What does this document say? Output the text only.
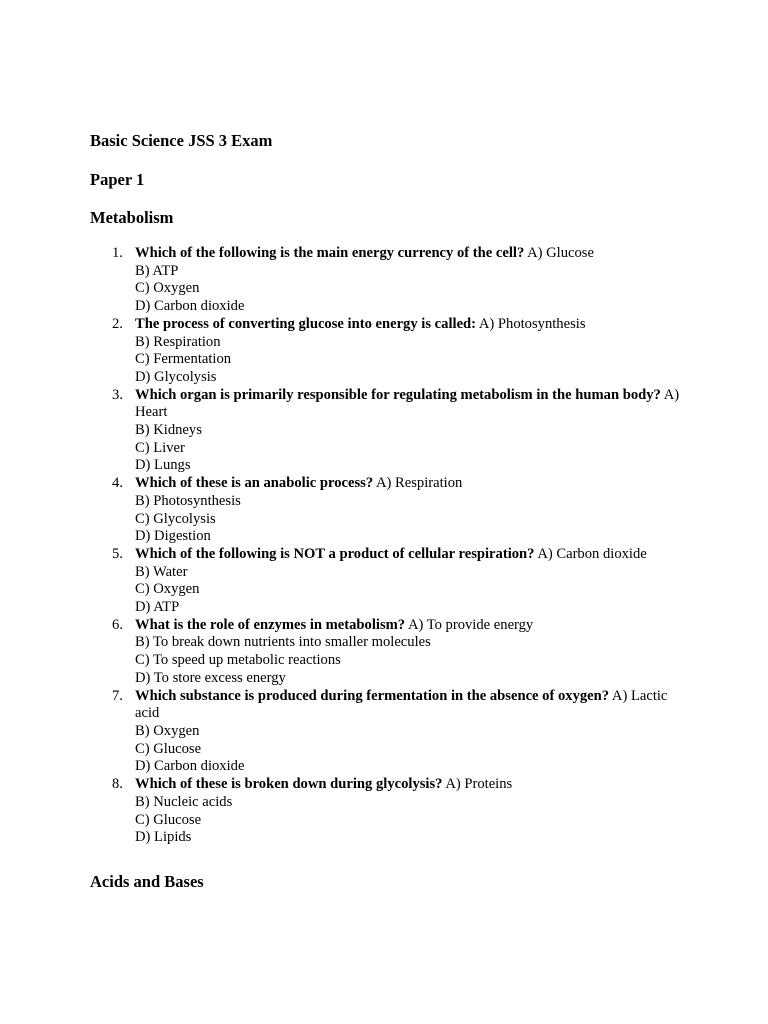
Basic Science JSS 3 Exam
Paper 1
Metabolism
1. Which of the following is the main energy currency of the cell? A) Glucose
B) ATP
C) Oxygen
D) Carbon dioxide
2. The process of converting glucose into energy is called: A) Photosynthesis
B) Respiration
C) Fermentation
D) Glycolysis
3. Which organ is primarily responsible for regulating metabolism in the human body? A) Heart
B) Kidneys
C) Liver
D) Lungs
4. Which of these is an anabolic process? A) Respiration
B) Photosynthesis
C) Glycolysis
D) Digestion
5. Which of the following is NOT a product of cellular respiration? A) Carbon dioxide
B) Water
C) Oxygen
D) ATP
6. What is the role of enzymes in metabolism? A) To provide energy
B) To break down nutrients into smaller molecules
C) To speed up metabolic reactions
D) To store excess energy
7. Which substance is produced during fermentation in the absence of oxygen? A) Lactic acid
B) Oxygen
C) Glucose
D) Carbon dioxide
8. Which of these is broken down during glycolysis? A) Proteins
B) Nucleic acids
C) Glucose
D) Lipids
Acids and Bases
